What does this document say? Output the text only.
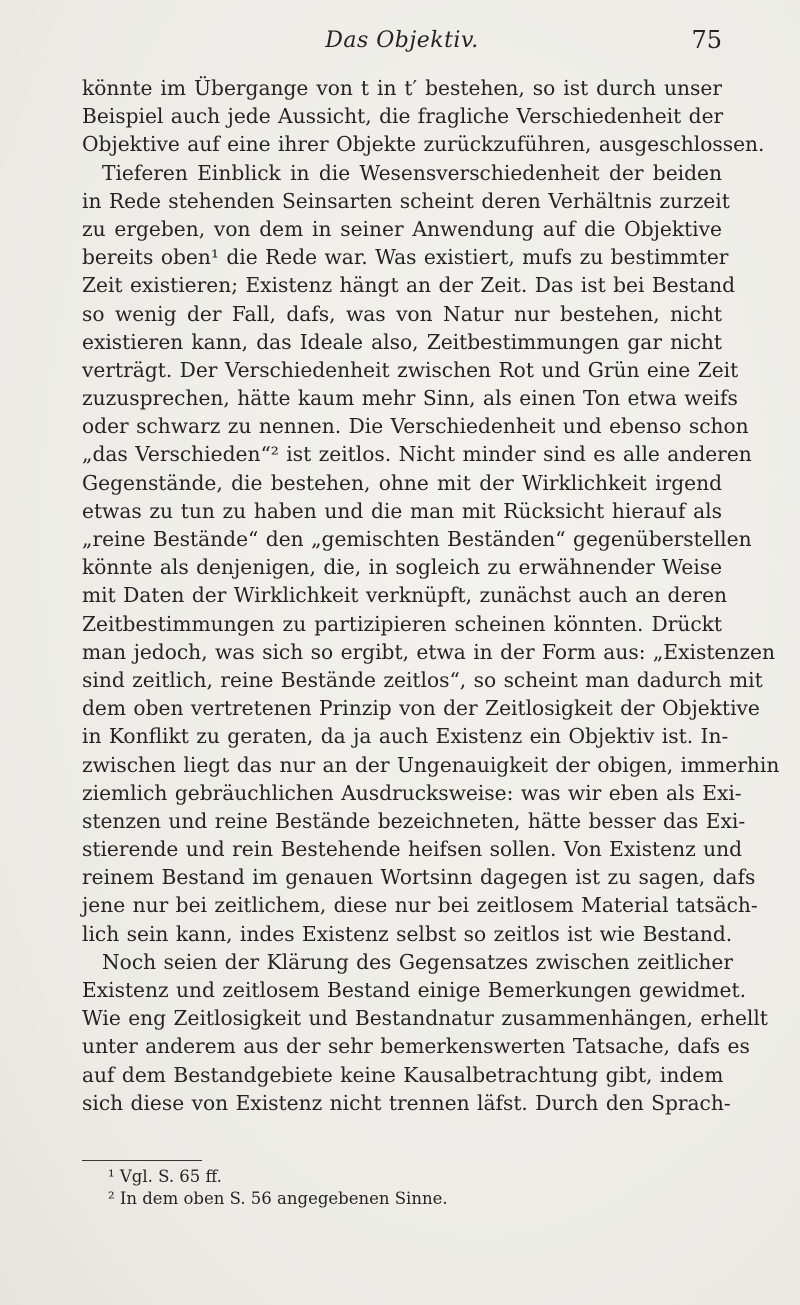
Das Objektiv.	75
könnte im Übergange von t in t′ bestehen, so ist durch unser
Beispiel auch jede Aussicht, die fragliche Verschiedenheit der
Objektive auf eine ihrer Objekte zurückzuführen, ausgeschlossen.
Tieferen Einblick in die Wesensverschiedenheit der beiden
in Rede stehenden Seinsarten scheint deren Verhältnis zurzeit
zu ergeben, von dem in seiner Anwendung auf die Objektive
bereits oben¹ die Rede war. Was existiert, mufs zu bestimmter
Zeit existieren; Existenz hängt an der Zeit. Das ist bei Bestand
so wenig der Fall, dafs, was von Natur nur bestehen, nicht
existieren kann, das Ideale also, Zeitbestimmungen gar nicht
verträgt. Der Verschiedenheit zwischen Rot und Grün eine Zeit
zuzusprechen, hätte kaum mehr Sinn, als einen Ton etwa weifs
oder schwarz zu nennen. Die Verschiedenheit und ebenso schon
„das Verschieden“² ist zeitlos. Nicht minder sind es alle anderen
Gegenstände, die bestehen, ohne mit der Wirklichkeit irgend
etwas zu tun zu haben und die man mit Rücksicht hierauf als
„reine Bestände“ den „gemischten Beständen“ gegenüberstellen
könnte als denjenigen, die, in sogleich zu erwähnender Weise
mit Daten der Wirklichkeit verknüpft, zunächst auch an deren
Zeitbestimmungen zu partizipieren scheinen könnten. Drückt
man jedoch, was sich so ergibt, etwa in der Form aus: „Existenzen
sind zeitlich, reine Bestände zeitlos“, so scheint man dadurch mit
dem oben vertretenen Prinzip von der Zeitlosigkeit der Objektive
in Konflikt zu geraten, da ja auch Existenz ein Objektiv ist. In-
zwischen liegt das nur an der Ungenauigkeit der obigen, immerhin
ziemlich gebräuchlichen Ausdrucksweise: was wir eben als Exi-
stenzen und reine Bestände bezeichneten, hätte besser das Exi-
stierende und rein Bestehende heifsen sollen. Von Existenz und
reinem Bestand im genauen Wortsinn dagegen ist zu sagen, dafs
jene nur bei zeitlichem, diese nur bei zeitlosem Material tatsäch-
lich sein kann, indes Existenz selbst so zeitlos ist wie Bestand.
Noch seien der Klärung des Gegensatzes zwischen zeitlicher
Existenz und zeitlosem Bestand einige Bemerkungen gewidmet.
Wie eng Zeitlosigkeit und Bestandnatur zusammenhängen, erhellt
unter anderem aus der sehr bemerkenswerten Tatsache, dafs es
auf dem Bestandgebiete keine Kausalbetrachtung gibt, indem
sich diese von Existenz nicht trennen läfst. Durch den Sprach-
¹ Vgl. S. 65 ff.
² In dem oben S. 56 angegebenen Sinne.
